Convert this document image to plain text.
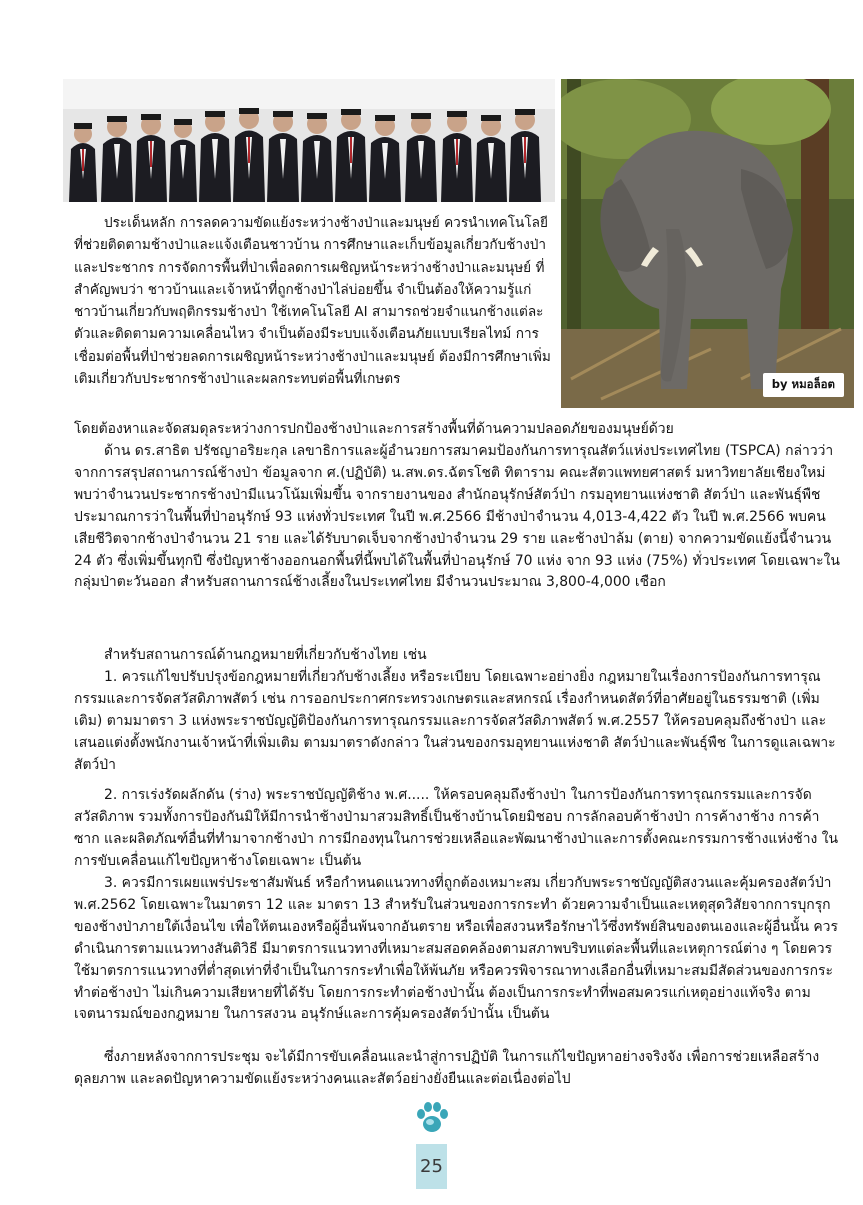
by หมอล็อต

ประเด็นหลัก การลดความขัดแย้งระหว่างช้างป่าและมนุษย์ ควรนำเทคโนโลยีที่ช่วยติดตามช้างป่าและแจ้งเตือนชาวบ้าน การศึกษาและเก็บข้อมูลเกี่ยวกับช้างป่าและประชากร การจัดการพื้นที่ป่าเพื่อลดการเผชิญหน้าระหว่างช้างป่าและมนุษย์ ที่สำคัญพบว่า ชาวบ้านและเจ้าหน้าที่ถูกช้างป่าไล่บ่อยขึ้น จำเป็นต้องให้ความรู้แก่ชาวบ้านเกี่ยวกับพฤติกรรมช้างป่า ใช้เทคโนโลยี AI สามารถช่วยจำแนกช้างแต่ละตัวและติดตามความเคลื่อนไหว จำเป็นต้องมีระบบแจ้งเตือนภัยแบบเรียลไทม์ การเชื่อมต่อพื้นที่ป่าช่วยลดการเผชิญหน้าระหว่างช้างป่าและมนุษย์ ต้องมีการศึกษาเพิ่มเติมเกี่ยวกับประชากรช้างป่าและผลกระทบต่อพื้นที่เกษตร

โดยต้องหาและจัดสมดุลระหว่างการปกป้องช้างป่าและการสร้างพื้นที่ด้านความปลอดภัยของมนุษย์ด้วย

ด้าน ดร.สาธิต ปรัชญาอริยะกุล เลขาธิการและผู้อำนวยการสมาคมป้องกันการทารุณสัตว์แห่งประเทศไทย (TSPCA) กล่าวว่า จากการสรุปสถานการณ์ช้างป่า ข้อมูลจาก ศ.(ปฏิบัติ) น.สพ.ดร.ฉัตรโชติ ทิตาราม คณะสัตวแพทยศาสตร์ มหาวิทยาลัยเชียงใหม่ พบว่าจำนวนประชากรช้างป่ามีแนวโน้มเพิ่มขึ้น จากรายงานของ สำนักอนุรักษ์สัตว์ป่า กรมอุทยานแห่งชาติ สัตว์ป่า และพันธุ์พืช ประมาณการว่าในพื้นที่ป่าอนุรักษ์ 93 แห่งทั่วประเทศ ในปี พ.ศ.2566 มีช้างป่าจำนวน 4,013-4,422 ตัว ในปี พ.ศ.2566 พบคนเสียชีวิตจากช้างป่าจำนวน 21 ราย และได้รับบาดเจ็บจากช้างป่าจำนวน 29 ราย และช้างป่าล้ม (ตาย) จากความขัดแย้งนี้จำนวน 24 ตัว ซึ่งเพิ่มขึ้นทุกปี ซึ่งปัญหาช้างออกนอกพื้นที่นี้พบได้ในพื้นที่ป่าอนุรักษ์ 70 แห่ง จาก 93 แห่ง (75%) ทั่วประเทศ โดยเฉพาะในกลุ่มป่าตะวันออก สำหรับสถานการณ์ช้างเลี้ยงในประเทศไทย มีจำนวนประมาณ 3,800-4,000 เชือก

สำหรับสถานการณ์ด้านกฎหมายที่เกี่ยวกับช้างไทย เช่น

1. ควรแก้ไขปรับปรุงข้อกฎหมายที่เกี่ยวกับช้างเลี้ยง หรือระเบียบ โดยเฉพาะอย่างยิ่ง กฎหมายในเรื่องการป้องกันการทารุณกรรมและการจัดสวัสดิภาพสัตว์ เช่น การออกประกาศกระทรวงเกษตรและสหกรณ์ เรื่องกำหนดสัตว์ที่อาศัยอยู่ในธรรมชาติ (เพิ่มเติม) ตามมาตรา 3 แห่งพระราชบัญญัติป้องกันการทารุณกรรมและการจัดสวัสดิภาพสัตว์ พ.ศ.2557 ให้ครอบคลุมถึงช้างป่า และเสนอแต่งตั้งพนักงานเจ้าหน้าที่เพิ่มเติม ตามมาตราดังกล่าว ในส่วนของกรมอุทยานแห่งชาติ สัตว์ป่าและพันธุ์พืช ในการดูแลเฉพาะสัตว์ป่า

2. การเร่งรัดผลักดัน (ร่าง) พระราชบัญญัติช้าง พ.ศ..... ให้ครอบคลุมถึงช้างป่า ในการป้องกันการทารุณกรรมและการจัดสวัสดิภาพ รวมทั้งการป้องกันมิให้มีการนำช้างป่ามาสวมสิทธิ์เป็นช้างบ้านโดยมิชอบ การลักลอบค้าช้างป่า การค้างาช้าง การค้าซาก และผลิตภัณฑ์อื่นที่ทำมาจากช้างป่า การมีกองทุนในการช่วยเหลือและพัฒนาช้างป่าและการตั้งคณะกรรมการช้างแห่งช้าง ในการขับเคลื่อนแก้ไขปัญหาช้างโดยเฉพาะ เป็นต้น

3. ควรมีการเผยแพร่ประชาสัมพันธ์ หรือกำหนดแนวทางที่ถูกต้องเหมาะสม เกี่ยวกับพระราชบัญญัติสงวนและคุ้มครองสัตว์ป่า พ.ศ.2562 โดยเฉพาะในมาตรา 12 และ มาตรา 13 สำหรับในส่วนของการกระทำ ด้วยความจำเป็นและเหตุสุดวิสัยจากการบุกรุกของช้างป่าภายใต้เงื่อนไข เพื่อให้ตนเองหรือผู้อื่นพ้นจากอันตราย หรือเพื่อสงวนหรือรักษาไว้ซึ่งทรัพย์สินของตนเองและผู้อื่นนั้น ควรดำเนินการตามแนวทางสันติวิธี มีมาตรการแนวทางที่เหมาะสมสอดคล้องตามสภาพบริบทแต่ละพื้นที่และเหตุการณ์ต่าง ๆ โดยควรใช้มาตรการแนวทางที่ต่ำสุดเท่าที่จำเป็นในการกระทำเพื่อให้พ้นภัย หรือควรพิจารณาทางเลือกอื่นที่เหมาะสมมีสัดส่วนของการกระทำต่อช้างป่า ไม่เกินความเสียหายที่ได้รับ โดยการกระทำต่อช้างป่านั้น ต้องเป็นการกระทำที่พอสมควรแก่เหตุอย่างแท้จริง ตามเจตนารมณ์ของกฎหมาย ในการสงวน อนุรักษ์และการคุ้มครองสัตว์ป่านั้น เป็นต้น

ซึ่งภายหลังจากการประชุม จะได้มีการขับเคลื่อนและนำสู่การปฏิบัติ ในการแก้ไขปัญหาอย่างจริงจัง เพื่อการช่วยเหลือสร้างดุลยภาพ และลดปัญหาความขัดแย้งระหว่างคนและสัตว์อย่างยั่งยืนและต่อเนื่องต่อไป

25
